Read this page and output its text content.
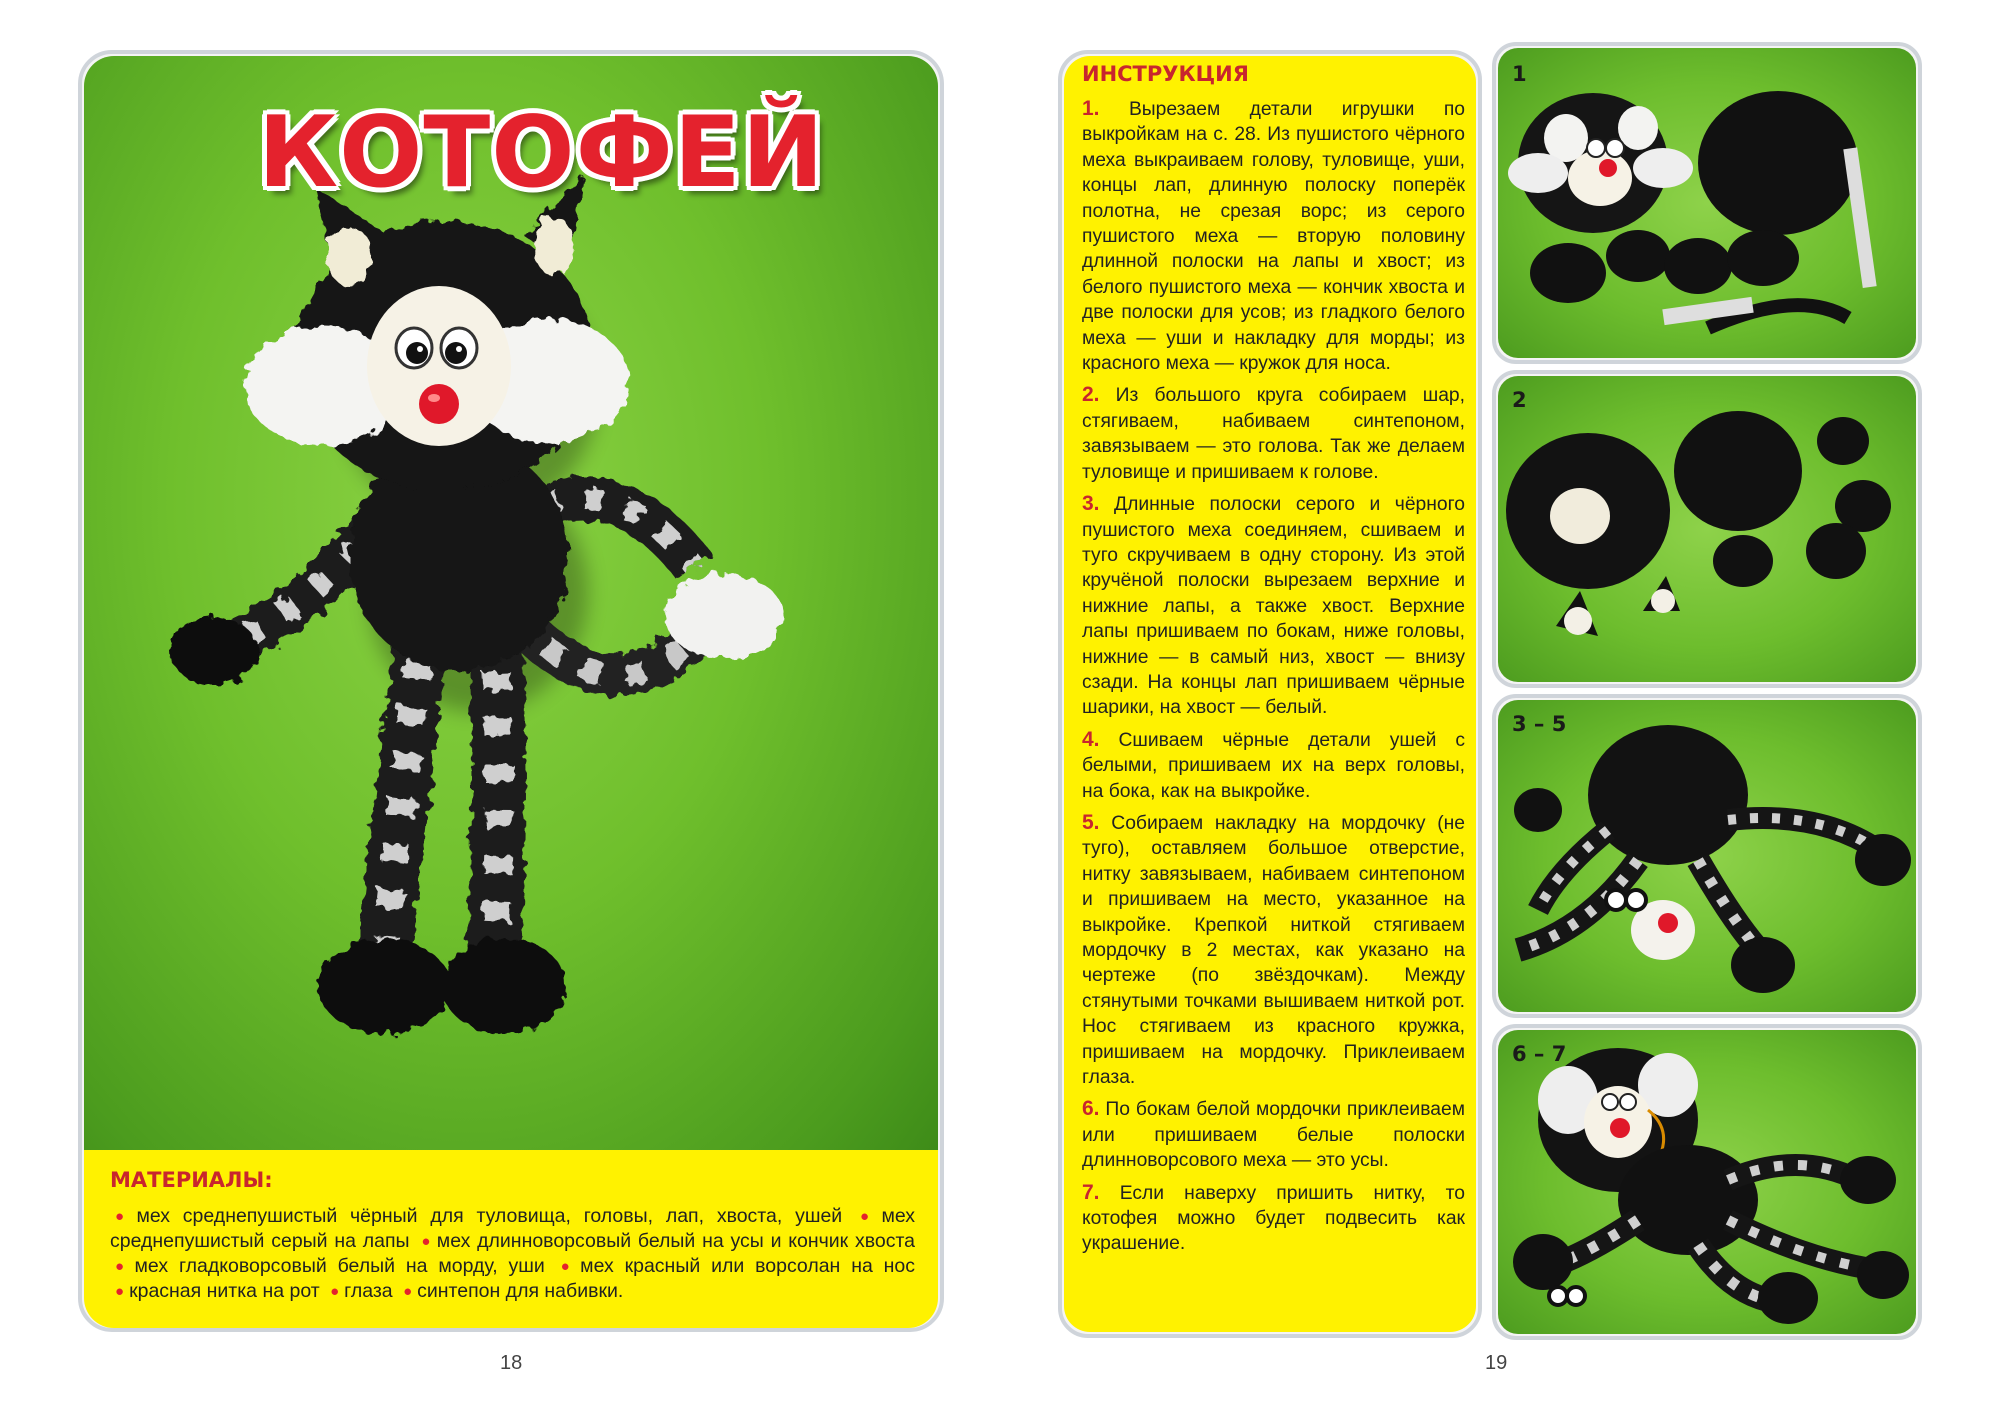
КОТОФЕЙ
МАТЕРИАЛЫ:
● мех среднепушистый чёрный для туловища, головы, лап, хвоста, ушей ● мех среднепушистый серый на лапы ● мех длинноворсовый белый на усы и кончик хвоста ● мех гладковорсовый белый на морду, уши ● мех красный или ворсолан на нос ● красная нитка на рот ● глаза ● синтепон для набивки.
18
ИНСТРУКЦИЯ

1. Вырезаем детали игрушки по выкройкам на с. 28. Из пушистого чёрного меха выкраиваем голову, туловище, уши, концы лап, длинную полоску поперёк полотна, не срезая ворс; из серого пушистого меха — вторую половину длинной полоски на лапы и хвост; из белого пушистого меха — кончик хвоста и две полоски для усов; из гладкого белого меха — уши и накладку для морды; из красного меха — кружок для носа.

2. Из большого круга собираем шар, стягиваем, набиваем синтепоном, завязываем — это голова. Так же делаем туловище и пришиваем к голове.

3. Длинные полоски серого и чёрного пушистого меха соединяем, сшиваем и туго скручиваем в одну сторону. Из этой кручёной полоски вырезаем верхние и нижние лапы, а также хвост. Верхние лапы пришиваем по бокам, ниже головы, нижние — в самый низ, хвост — внизу сзади. На концы лап пришиваем чёрные шарики, на хвост — белый.

4. Сшиваем чёрные детали ушей с белыми, пришиваем их на верх головы, на бока, как на выкройке.

5. Собираем накладку на мордочку (не туго), оставляем большое отверстие, нитку завязываем, набиваем синтепоном и пришиваем на место, указанное на выкройке. Крепкой ниткой стягиваем мордочку в 2 местах, как указано на чертеже (по звёздочкам). Между стянутыми точками вышиваем ниткой рот. Нос стягиваем из красного кружка, пришиваем на мордочку. Приклеиваем глаза.

6. По бокам белой мордочки приклеиваем или пришиваем белые полоски длинноворсового меха — это усы.

7. Если наверху пришить нитку, то котофея можно будет подвесить как украшение.

1
2
3 – 5
6 – 7
19
